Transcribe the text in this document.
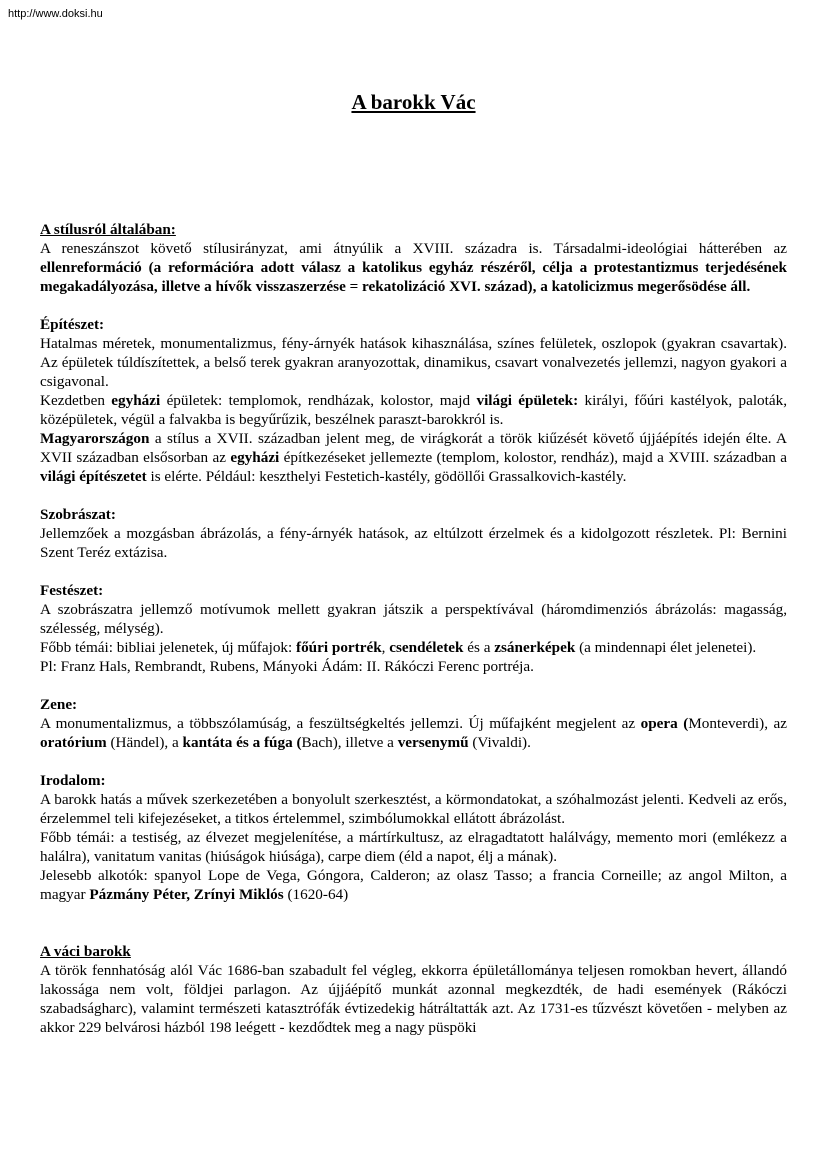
http://www.doksi.hu
A barokk Vác

A stílusról általában:

A reneszánszot követő stílusirányzat, ami átnyúlik a XVIII. századra is. Társadalmi-ideológiai hátterében az ellenreformáció (a reformációra adott válasz a katolikus egyház részéről, célja a protestantizmus terjedésének megakadályozása, illetve a hívők visszaszerzése = rekatolizáció XVI. század), a katolicizmus megerősödése áll.

Építészet:

Hatalmas méretek, monumentalizmus, fény-árnyék hatások kihasználása, színes felületek, oszlopok (gyakran csavartak). Az épületek túldíszítettek, a belső terek gyakran aranyozottak, dinamikus, csavart vonalvezetés jellemzi, nagyon gyakori a csigavonal.

Kezdetben egyházi épületek: templomok, rendházak, kolostor, majd világi épületek: királyi, főúri kastélyok, paloták, középületek, végül a falvakba is begyűrűzik, beszélnek paraszt-barokkról is.

Magyarországon a stílus a XVII. században jelent meg, de virágkorát a török kiűzését követő újjáépítés idején élte. A XVII században elsősorban az egyházi építkezéseket jellemezte (templom, kolostor, rendház), majd a XVIII. században a világi építészetet is elérte. Például: keszthelyi Festetich-kastély, gödöllői Grassalkovich-kastély.

Szobrászat:

Jellemzőek a mozgásban ábrázolás, a fény-árnyék hatások, az eltúlzott érzelmek és a kidolgozott részletek. Pl: Bernini Szent Teréz extázisa.

Festészet:

A szobrászatra jellemző motívumok mellett gyakran játszik a perspektívával (háromdimenziós ábrázolás: magasság, szélesség, mélység).

Főbb témái: bibliai jelenetek, új műfajok: főúri portrék, csendéletek és a zsánerképek (a mindennapi élet jelenetei).

Pl: Franz Hals, Rembrandt, Rubens, Mányoki Ádám: II. Rákóczi Ferenc portréja.

Zene:

A monumentalizmus, a többszólamúság, a feszültségkeltés jellemzi. Új műfajként megjelent az opera (Monteverdi), az oratórium (Händel), a kantáta és a fúga (Bach), illetve a versenymű (Vivaldi).

Irodalom:

A barokk hatás a művek szerkezetében a bonyolult szerkesztést, a körmondatokat, a szóhalmozást jelenti. Kedveli az erős, érzelemmel teli kifejezéseket, a titkos értelemmel, szimbólumokkal ellátott ábrázolást.

Főbb témái: a testiség, az élvezet megjelenítése, a mártírkultusz, az elragadtatott halálvágy, memento mori (emlékezz a halálra), vanitatum vanitas (hiúságok hiúsága), carpe diem (éld a napot, élj a mának).

Jelesebb alkotók: spanyol Lope de Vega, Góngora, Calderon; az olasz Tasso; a francia Corneille; az angol Milton, a magyar Pázmány Péter, Zrínyi Miklós (1620-64)

A váci barokk

A török fennhatóság alól Vác 1686-ban szabadult fel végleg, ekkorra épületállománya teljesen romokban hevert, állandó lakossága nem volt, földjei parlagon. Az újjáépítő munkát azonnal megkezdték, de hadi események (Rákóczi szabadságharc), valamint természeti katasztrófák évtizedekig hátráltatták azt. Az 1731-es tűzvészt követően - melyben az akkor 229 belvárosi házból 198 leégett - kezdődtek meg a nagy püspöki
